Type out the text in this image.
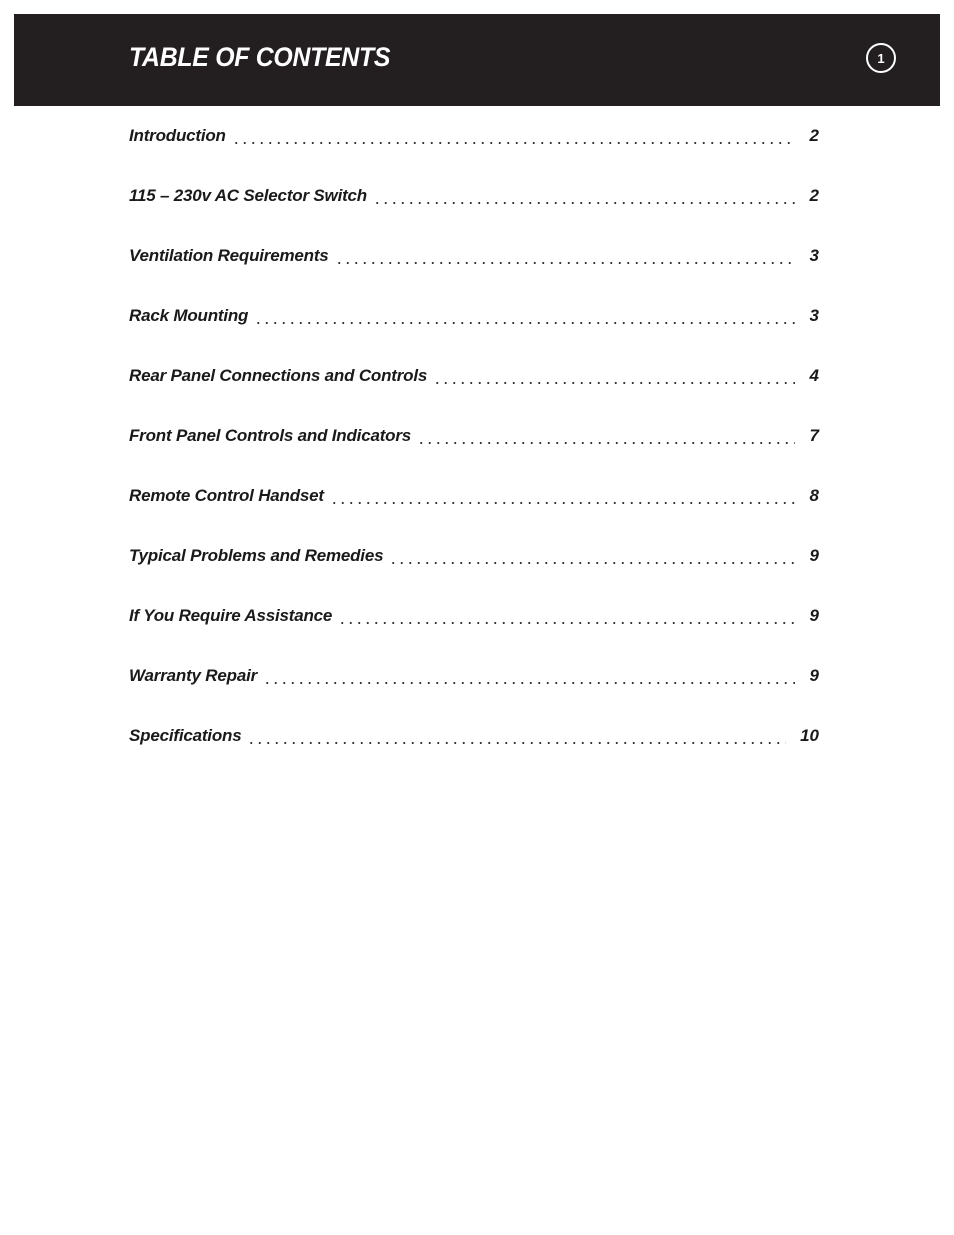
TABLE OF CONTENTS	1
Introduction	2
115 – 230v AC Selector Switch	2
Ventilation Requirements	3
Rack Mounting	3
Rear Panel Connections and Controls	4
Front Panel Controls and Indicators	7
Remote Control Handset	8
Typical Problems and Remedies	9
If You Require Assistance	9
Warranty Repair	9
Specifications	10
